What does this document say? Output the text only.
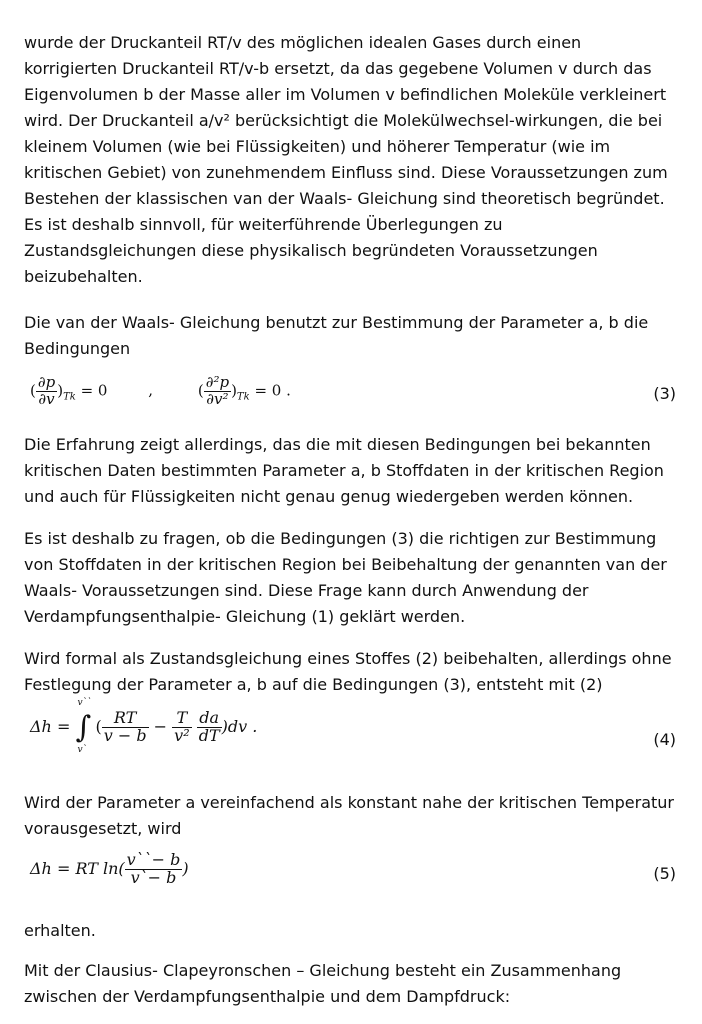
wurde der Druckanteil RT/v des möglichen idealen Gases durch einen korrigierten Druckanteil RT/v-b ersetzt, da das gegebene Volumen v durch das Eigenvolumen b der Masse aller im Volumen v befindlichen Moleküle verkleinert wird. Der Druckanteil a/v² berücksichtigt die Molekülwechsel-wirkungen, die bei kleinem Volumen (wie bei Flüssigkeiten) und höherer Temperatur (wie im kritischen Gebiet) von zunehmendem Einfluss sind. Diese Voraussetzungen zum Bestehen der klassischen van der Waals- Gleichung sind theoretisch begründet. Es ist deshalb sinnvoll, für weiterführende Überlegungen zu Zustandsgleichungen diese physikalisch begründeten Voraussetzungen beizubehalten.

Die van der Waals- Gleichung benutzt zur Bestimmung der Parameter a, b die Bedingungen

( $\frac{\partial p}{\partial v} )_{Tk} = 0$	,	( $\frac{\text{∂²p}}{\text{∂v²}} )_{Tk} = 0$ .	(3)

Die Erfahrung zeigt allerdings, das die mit diesen Bedingungen bei bekannten kritischen Daten bestimmten Parameter a, b Stoffdaten in der kritischen Region und auch für Flüssigkeiten nicht genau genug wiedergeben werden können.

Es ist deshalb zu fragen, ob die Bedingungen (3) die richtigen zur Bestimmung von Stoffdaten in der kritischen Region bei Beibehaltung der genannten van der Waals- Voraussetzungen sind. Diese Frage kann durch Anwendung der Verdampfungsenthalpie- Gleichung (1) geklärt werden.

Wird formal als Zustandsgleichung eines Stoffes (2) beibehalten, allerdings ohne Festlegung der Parameter a, b auf die Bedingungen (3), entsteht mit (2)

Δh = ∫
v``
v`
( $\frac{RT}{v - b} - \frac{T}{\text{v²}}$
$\frac{da}{dT} )dv$ .
(4)

Wird der Parameter a vereinfachend als konstant nahe der kritischen Temperatur vorausgesetzt, wird

Δh = RT $\ln( \frac{v``- b}{v`- b}$ )	(5)

erhalten.

Mit der Clausius- Clapeyronschen – Gleichung besteht ein Zusammenhang zwischen der Verdampfungsenthalpie und dem Dampfdruck:
